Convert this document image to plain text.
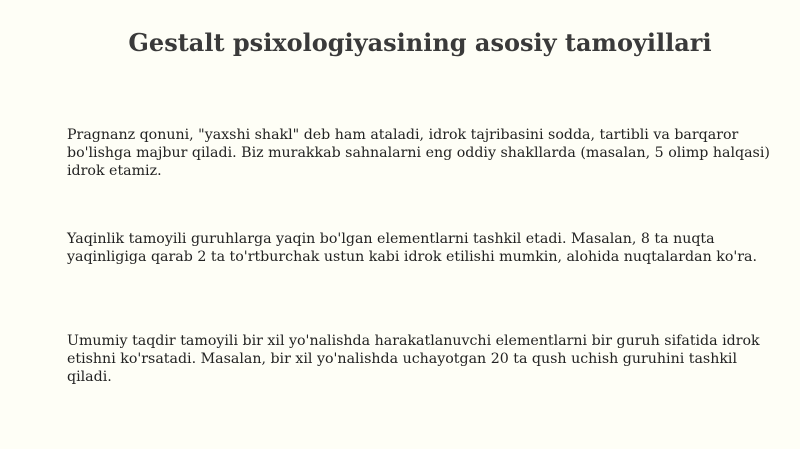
Gestalt psixologiyasining asosiy tamoyillari

Pragnanz qonuni, "yaxshi shakl" deb ham ataladi, idrok tajribasini sodda, tartibli va barqaror bo'lishga majbur qiladi. Biz murakkab sahnalarni eng oddiy shakllarda (masalan, 5 olimp halqasi) idrok etamiz.

Yaqinlik tamoyili guruhlarga yaqin bo'lgan elementlarni tashkil etadi. Masalan, 8 ta nuqta yaqinligiga qarab 2 ta to'rtburchak ustun kabi idrok etilishi mumkin, alohida nuqtalardan ko'ra.

Umumiy taqdir tamoyili bir xil yo'nalishda harakatlanuvchi elementlarni bir guruh sifatida idrok etishni ko'rsatadi. Masalan, bir xil yo'nalishda uchayotgan 20 ta qush uchish guruhini tashkil qiladi.
